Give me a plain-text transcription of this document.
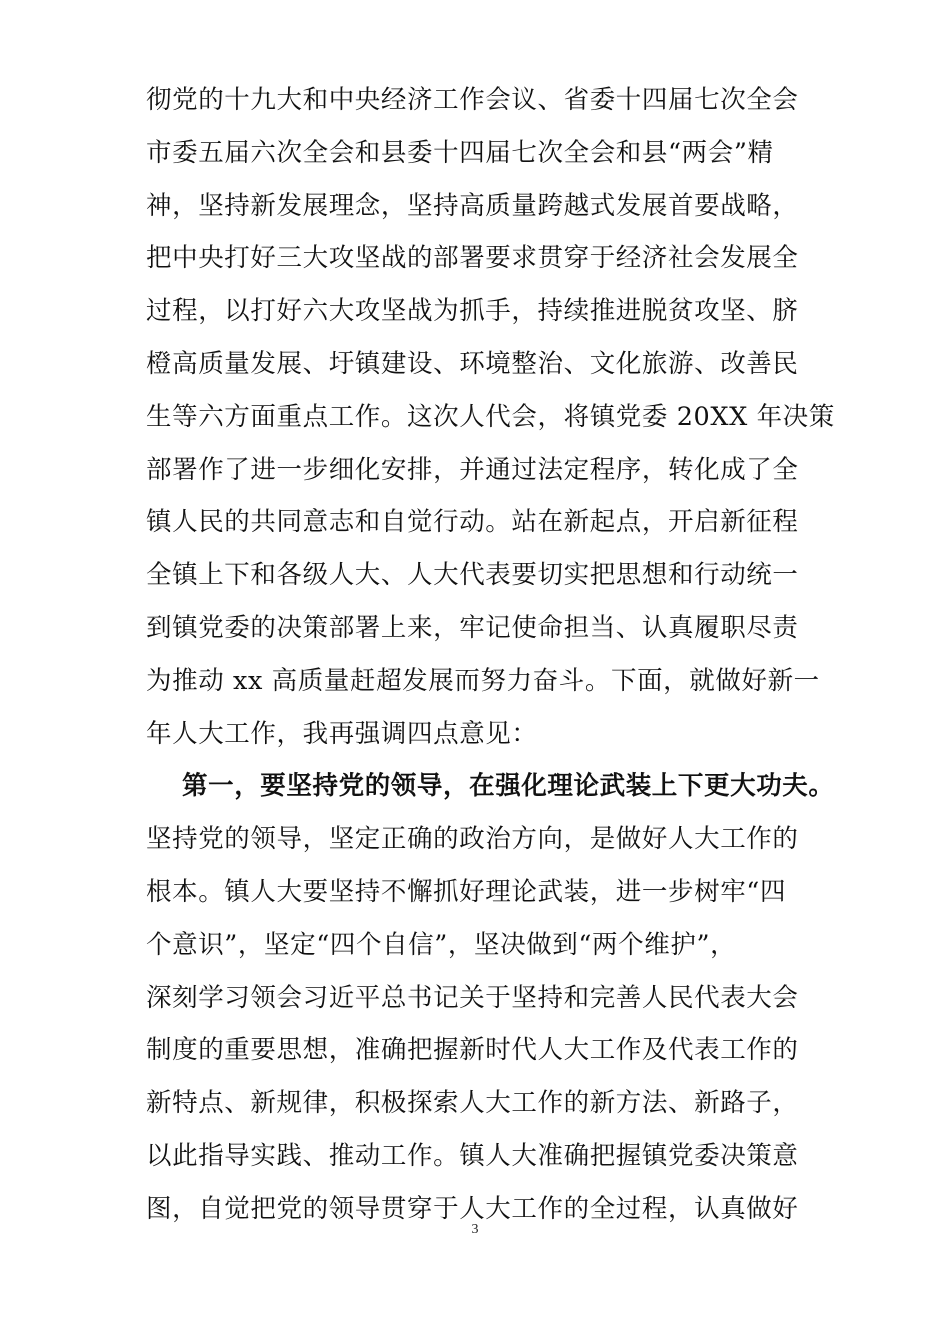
彻党的十九大和中央经济工作会议、省委十四届七次全会
市委五届六次全会和县委十四届七次全会和县“两会”精
神，坚持新发展理念，坚持高质量跨越式发展首要战略，
把中央打好三大攻坚战的部署要求贯穿于经济社会发展全
过程，以打好六大攻坚战为抓手，持续推进脱贫攻坚、脐
橙高质量发展、圩镇建设、环境整治、文化旅游、改善民
生等六方面重点工作。这次人代会，将镇党委 20XX 年决策
部署作了进一步细化安排，并通过法定程序，转化成了全
镇人民的共同意志和自觉行动。站在新起点，开启新征程
全镇上下和各级人大、人大代表要切实把思想和行动统一
到镇党委的决策部署上来，牢记使命担当、认真履职尽责
为推动 xx 高质量赶超发展而努力奋斗。下面，就做好新一
年人大工作，我再强调四点意见：
第一，要坚持党的领导，在强化理论武装上下更大功夫。
坚持党的领导，坚定正确的政治方向，是做好人大工作的
根本。镇人大要坚持不懈抓好理论武装，进一步树牢“四
个意识”，坚定“四个自信”，坚决做到“两个维护”，
深刻学习领会习近平总书记关于坚持和完善人民代表大会
制度的重要思想，准确把握新时代人大工作及代表工作的
新特点、新规律，积极探索人大工作的新方法、新路子，
以此指导实践、推动工作。镇人大准确把握镇党委决策意
图，自觉把党的领导贯穿于人大工作的全过程，认真做好
3
